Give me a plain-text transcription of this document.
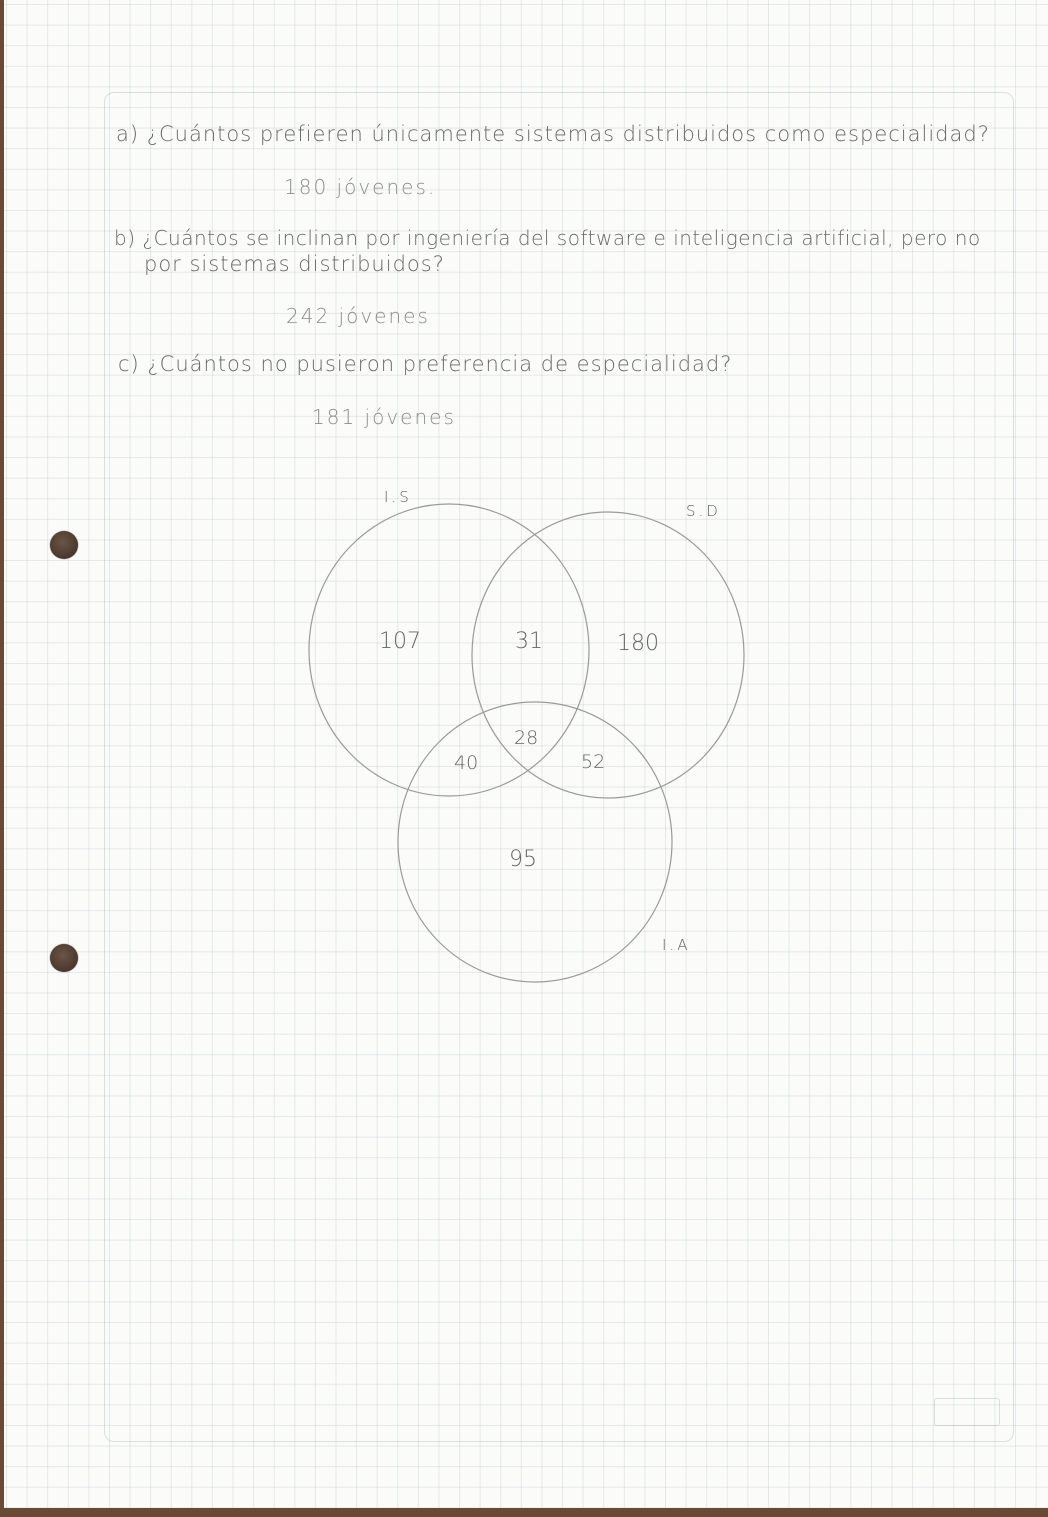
a) ¿Cuántos prefieren únicamente sistemas distribuidos como especialidad?
180 jóvenes.
b) ¿Cuántos se inclinan por ingeniería del software e inteligencia artificial, pero no
por sistemas distribuidos?
242 jóvenes
c) ¿Cuántos no pusieron preferencia de especialidad?
181 jóvenes
I.S
S.D
I.A
107	31	180
28
40	52
95
